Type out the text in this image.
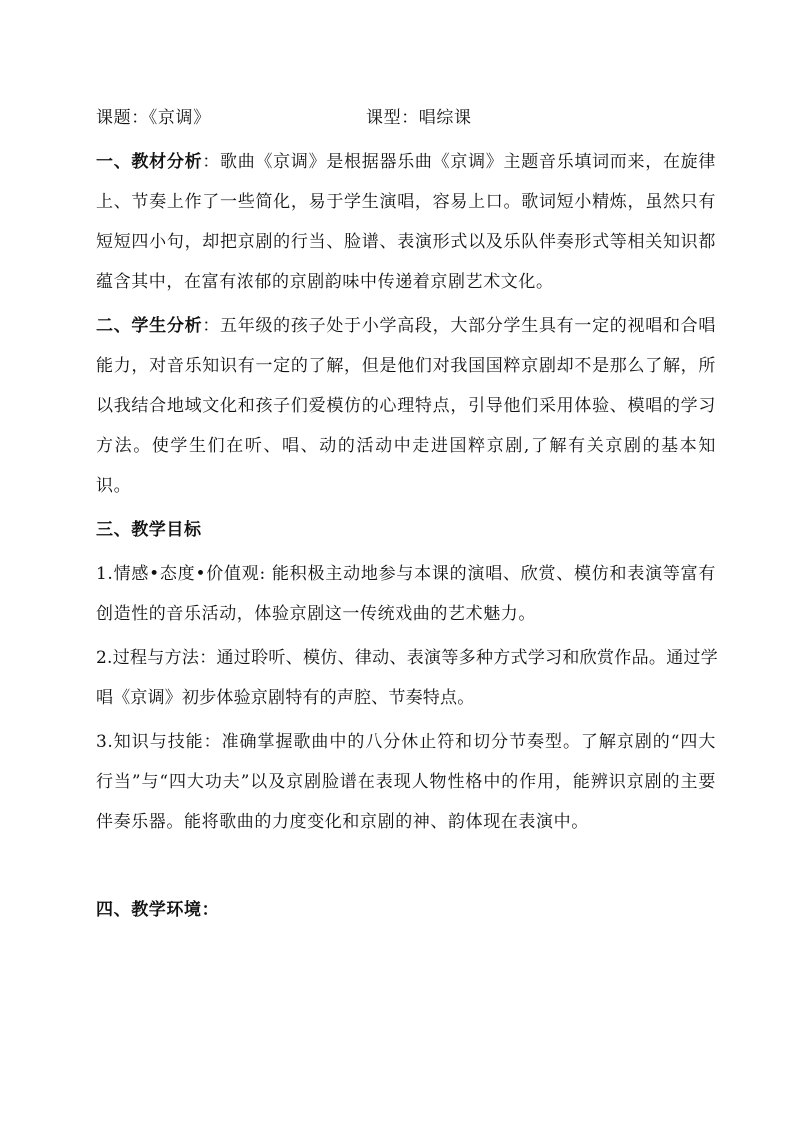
课题：《京调》	课型：唱综课

一、教材分析：歌曲《京调》是根据器乐曲《京调》主题音乐填词而来，在旋律上、节奏上作了一些简化，易于学生演唱，容易上口。歌词短小精炼，虽然只有短短四小句，却把京剧的行当、脸谱、表演形式以及乐队伴奏形式等相关知识都蕴含其中，在富有浓郁的京剧韵味中传递着京剧艺术文化。

二、学生分析：五年级的孩子处于小学高段，大部分学生具有一定的视唱和合唱能力，对音乐知识有一定的了解，但是他们对我国国粹京剧却不是那么了解，所以我结合地域文化和孩子们爱模仿的心理特点，引导他们采用体验、模唱的学习方法。使学生们在听、唱、动的活动中走进国粹京剧,了解有关京剧的基本知识。

三、教学目标

1.情感•态度•价值观: 能积极主动地参与本课的演唱、欣赏、模仿和表演等富有创造性的音乐活动，体验京剧这一传统戏曲的艺术魅力。

2.过程与方法：通过聆听、模仿、律动、表演等多种方式学习和欣赏作品。通过学唱《京调》初步体验京剧特有的声腔、节奏特点。

3.知识与技能：准确掌握歌曲中的八分休止符和切分节奏型。了解京剧的“四大行当”与“四大功夫”以及京剧脸谱在表现人物性格中的作用，能辨识京剧的主要伴奏乐器。能将歌曲的力度变化和京剧的神、韵体现在表演中。

四、教学环境：
